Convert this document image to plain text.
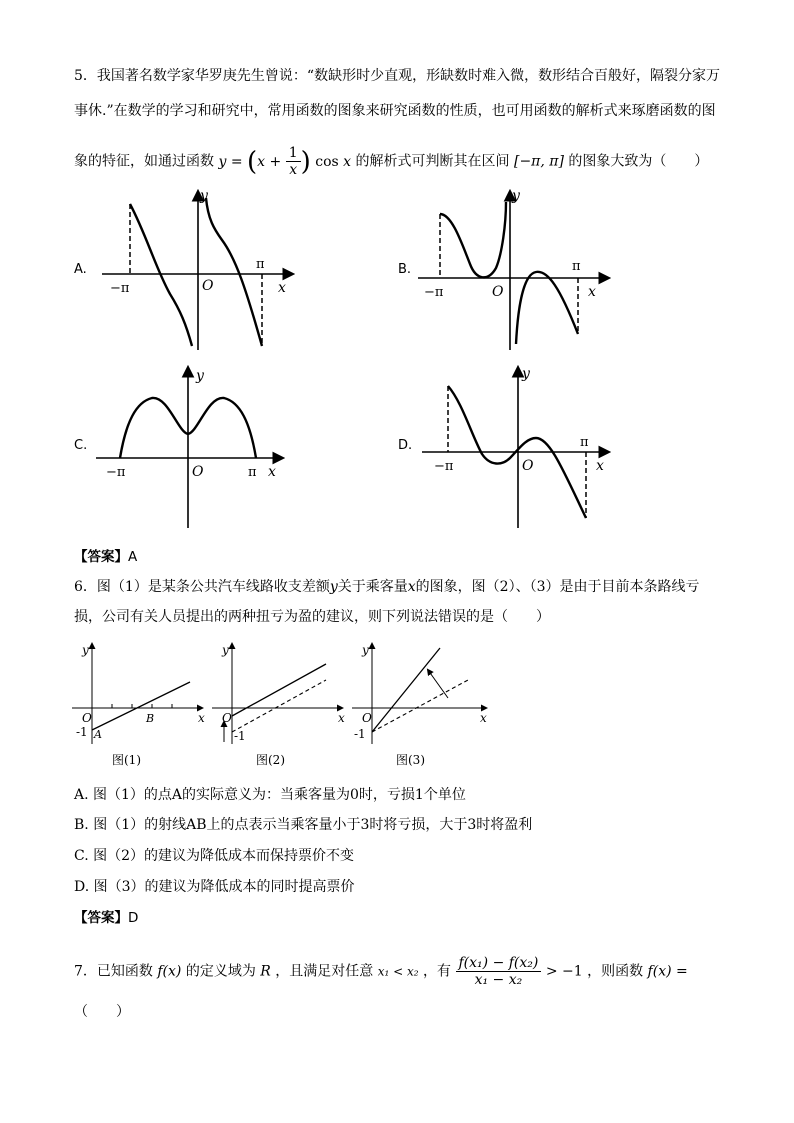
5．我国著名数学家华罗庚先生曾说：“数缺形时少直观，形缺数时难入微，数形结合百般好，隔裂分家万
事休.”在数学的学习和研究中，常用函数的图象来研究函数的性质，也可用函数的解析式来琢磨函数的图
象的特征，如通过函数 $y = (x + \frac{1}{x}$ ) cos x 的解析式可判断其在区间 [−π, π] 的图象大致为（　　）
A.	B.
C.	D.
y
x
O
−π
π
y
x
O
−π
π
y
x
O
−π	π
y
x
O
−π
π
【答案】A
6．图（1）是某条公共汽车线路收支差额y关于乘客量x的图象，图（2）、（3）是由于目前本条路线亏
损，公司有关人员提出的两种扭亏为盈的建议，则下列说法错误的是（　　）
y
x
O
-1 A
B
图(1)
y
x
O
-1
图(2)
y
x
O
-1
图(3)
A. 图（1）的点A的实际意义为：当乘客量为0时，亏损1个单位
B. 图（1）的射线AB上的点表示当乘客量小于3时将亏损，大于3时将盈利
C. 图（2）的建议为降低成本而保持票价不变
D. 图（3）的建议为降低成本的同时提高票价
【答案】D
7．已知函数 f(x) 的定义域为 R ，且满足对任意 x₁ < x₂ ，有 $\frac{\text{f(x₁) − f(x₂)}}{\text{x₁ − x₂}} > -1$ ，则函数 f(x) =
（　　）
